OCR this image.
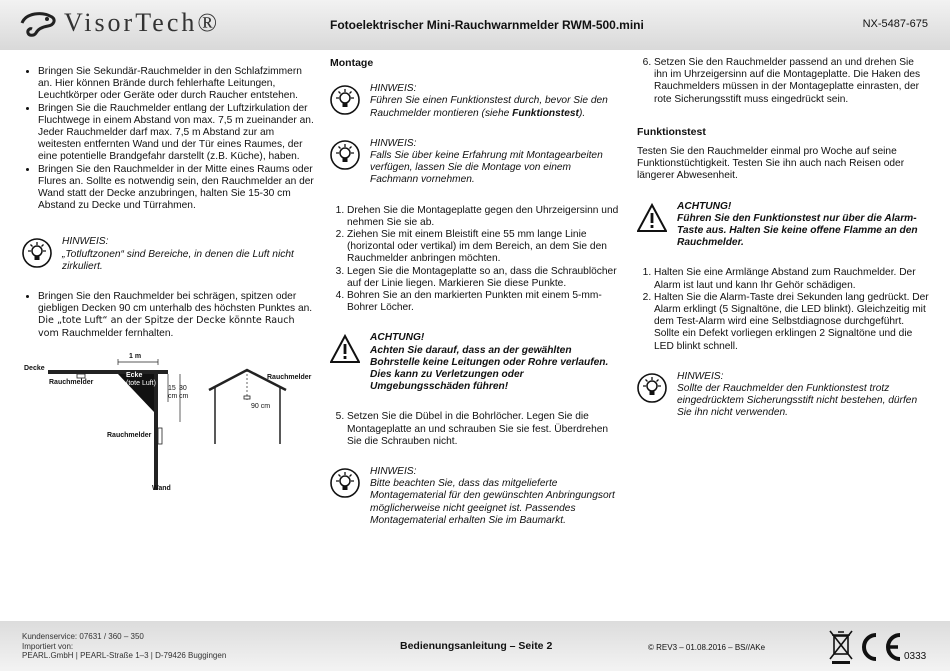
VisorTech®	Fotoelektrischer Mini-Rauchwarnmelder RWM-500.mini	NX-5487-675
• Bringen Sie Sekundär-Rauchmelder in den Schlafzimmern an. Hier können Brände durch fehlerhafte Leitungen, Leuchtkörper oder Geräte oder durch Raucher entstehen.
• Bringen Sie die Rauchmelder entlang der Luftzirkulation der Fluchtwege in einem Abstand von max. 7,5 m zueinander an. Jeder Rauchmelder darf max. 7,5 m Abstand zur am weitesten entfernten Wand und der Tür eines Raumes, der eine potentielle Brandgefahr darstellt (z.B. Küche), haben.
• Bringen Sie den Rauchmelder in der Mitte eines Raums oder Flures an. Sollte es notwendig sein, den Rauchmelder an der Wand statt der Decke anzubringen, halten Sie 15-30 cm Abstand zu Decke und Türrahmen.
HINWEIS:
„Totluftzonen“ sind Bereiche, in denen die Luft nicht zirkuliert.
• Bringen Sie den Rauchmelder bei schrägen, spitzen oder giebligen Decken 90 cm unterhalb des höchsten Punktes an. Die „tote Luft“ an der Spitze der Decke könnte Rauch vom Rauchmelder fernhalten.
Decke
1 m
Rauchmelder
Ecke
(tote Luft)
15
cm
30
cm
Rauchmelder
Wand
Rauchmelder
90 cm
Montage
HINWEIS:
Führen Sie einen Funktionstest durch, bevor Sie den Rauchmelder montieren (siehe Funktionstest).
HINWEIS:
Falls Sie über keine Erfahrung mit Montagearbeiten verfügen, lassen Sie die Montage von einem Fachmann vornehmen.
1. Drehen Sie die Montageplatte gegen den Uhrzeigersinn und nehmen Sie sie ab.
2. Ziehen Sie mit einem Bleistift eine 55 mm lange Linie (horizontal oder vertikal) im dem Bereich, an dem Sie den Rauchmelder anbringen möchten.
3. Legen Sie die Montageplatte so an, dass die Schraublöcher auf der Linie liegen. Markieren Sie diese Punkte.
4. Bohren Sie an den markierten Punkten mit einem 5-mm-Bohrer Löcher.
ACHTUNG!
Achten Sie darauf, dass an der gewählten Bohrstelle keine Leitungen oder Rohre verlaufen. Dies kann zu Verletzungen oder Umgebungsschäden führen!
5. Setzen Sie die Dübel in die Bohrlöcher. Legen Sie die Montageplatte an und schrauben Sie sie fest. Überdrehen Sie die Schrauben nicht.
HINWEIS:
Bitte beachten Sie, dass das mitgelieferte Montagematerial für den gewünschten Anbringungsort möglicherweise nicht geeignet ist. Passendes Montagematerial erhalten Sie im Baumarkt.
6. Setzen Sie den Rauchmelder passend an und drehen Sie ihn im Uhrzeigersinn auf die Montageplatte. Die Haken des Rauchmelders müssen in der Montageplatte einrasten, der rote Sicherungsstift muss eingedrückt sein.
Funktionstest
Testen Sie den Rauchmelder einmal pro Woche auf seine Funktionstüchtigkeit. Testen Sie ihn auch nach Reisen oder längerer Abwesenheit.
ACHTUNG!
Führen Sie den Funktionstest nur über die Alarm-Taste aus. Halten Sie keine offene Flamme an den Rauchmelder.
1. Halten Sie eine Armlänge Abstand zum Rauchmelder. Der Alarm ist laut und kann Ihr Gehör schädigen.
2. Halten Sie die Alarm-Taste drei Sekunden lang gedrückt. Der Alarm erklingt (5 Signaltöne, die LED blinkt). Gleichzeitig mit dem Test-Alarm wird eine Selbstdiagnose durchgeführt. Sollte ein Defekt vorliegen erklingen 2 Signaltöne und die LED blinkt schnell.
HINWEIS:
Sollte der Rauchmelder den Funktionstest trotz eingedrücktem Sicherungsstift nicht bestehen, dürfen Sie ihn nicht verwenden.
Kundenservice: 07631 / 360 – 350
Importiert von:
PEARL.GmbH | PEARL-Straße 1–3 | D-79426 Buggingen
Bedienungsanleitung – Seite 2	© REV3 – 01.08.2016 – BS//AKe
0333
